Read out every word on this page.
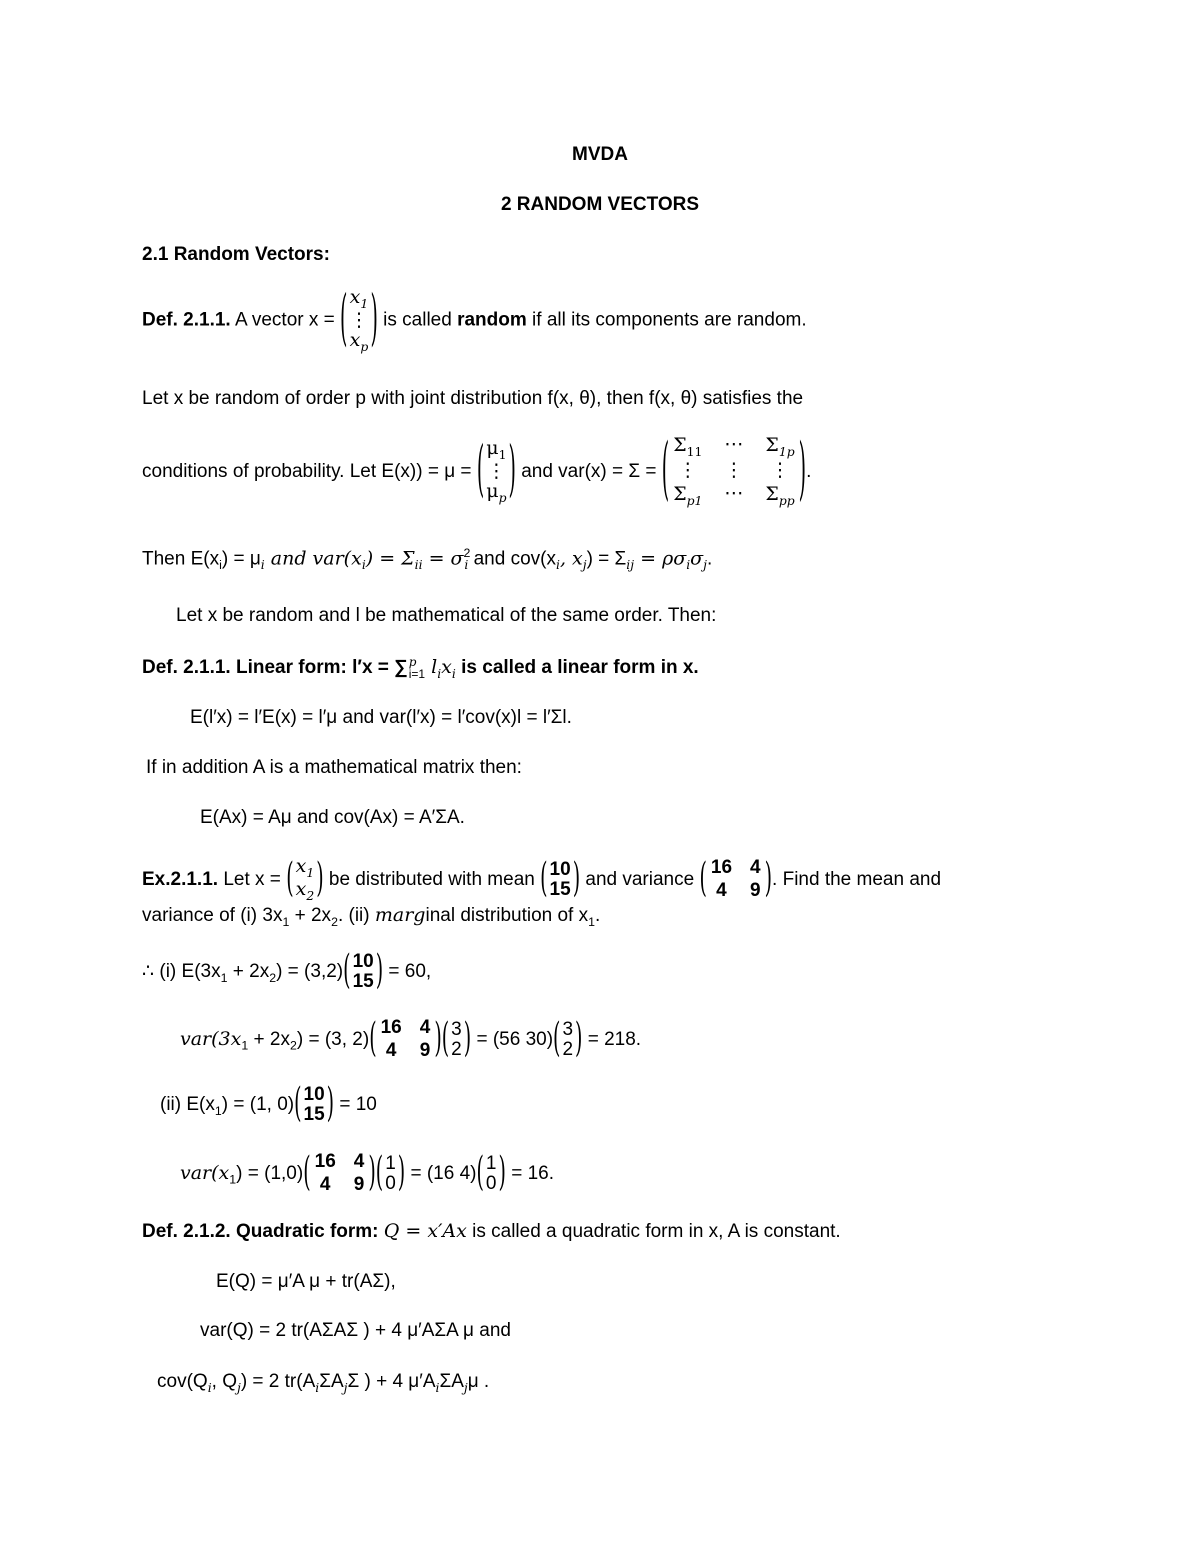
MVDA
2 RANDOM VECTORS
2.1 Random Vectors:
Def. 2.1.1. A vector x = ( $x_1$
⋮
$x_p$ ) is called random if all its components are random.
Let x be random of order p with joint distribution f(x, θ), then f(x, θ) satisfies the
conditions of probability. Let E(x)) = μ = ( $\mu_1$
⋮
$\mu_p$ ) and var(x) = Σ = ( $\Sigma_{11}$ ⋯ $\Sigma_{1p}$
⋮ ⋮ ⋮
$\Sigma_{p1}$ ⋯ $\Sigma_{pp}$ ) .
Then $E(x_i) = \mu_i$ and $var(x_i) = \Sigma_{ii} = \sigma^2_i$ and $cov(x_i$, $x_j) = \Sigma_{ij} = \rho\sigma_i\sigma_j$.
Let x be random and l be mathematical of the same order. Then:
Def. 2.1.1. Linear form: l′x = ∑ p
i=1 $l_ix_i$ is called a linear form in x.
E(l′x) = l′E(x) = l′μ and var(l′x) = l′cov(x)l = l′Σl.
If in addition A is a mathematical matrix then:
E(Ax) = Aμ and cov(Ax) = A′ΣA.
Ex.2.1.1. Let x = ( $x_1$
$x_2$ ) be distributed with mean ( 10
15 ) and variance ( 16 4
4 9 ) . Find the mean and
variance of (i) $3x_1 + 2x_2$. (ii) marginal distribution of $x_1$.
∴ (i) $E(3x_1 + 2x_2) = (3,2)$ ( 10
15 ) = 60,
$var(3x_1 + 2x_2) = (3$, 2) ( 16 4
4 9 ) ( 3
2 ) = (56 30) ( 3
2 ) = 218.
(ii) $E(x_1) = (1$, 0) ( 10
15 ) = 10
$var(x_1) = (1,0)$ ( 16 4
4 9 ) ( 1
0 ) = (16 4) ( 1
0 ) = 16.
Def. 2.1.2. Quadratic form: Q = x′Ax is called a quadratic form in x, A is constant.
E(Q) = μ′A μ + tr(AΣ),
var(Q) = 2 tr(AΣAΣ ) + 4 μ′AΣA μ and
$cov(Q_i$, $Q_j) = 2$ $tr(A_i\Sigma A_j\Sigma$ ) + 4 $\mu'A_i\Sigma A_j\mu$ .
